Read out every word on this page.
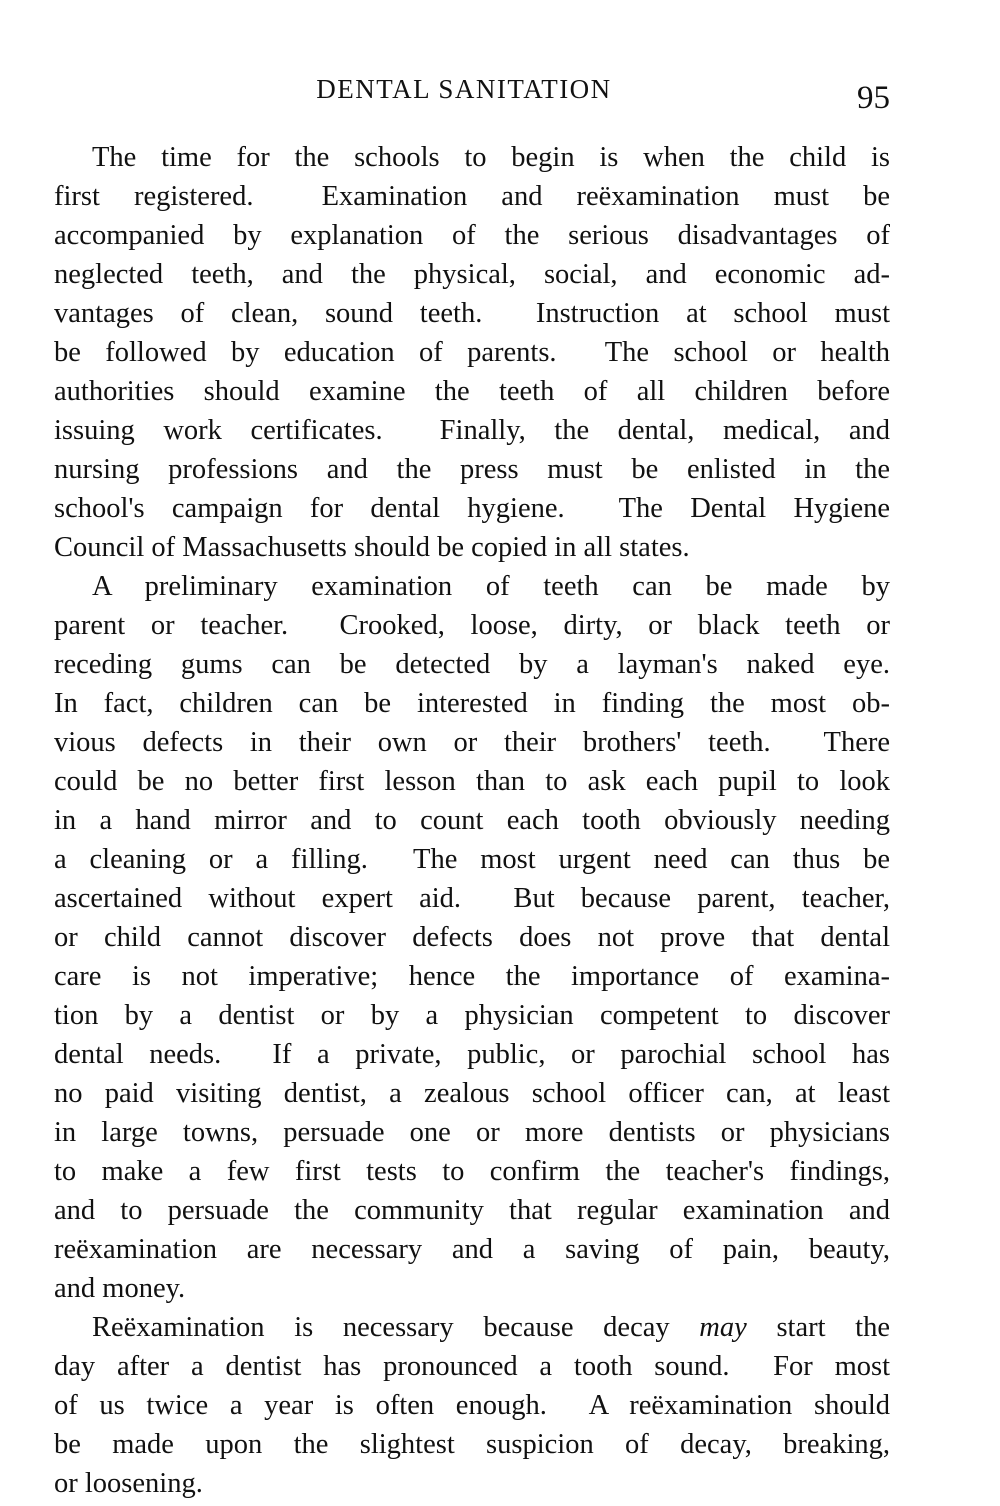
DENTAL SANITATION	95

The time for the schools to begin is when the child is
first registered.  Examination and reëxamination must be
accompanied by explanation of the serious disadvantages of
neglected teeth, and the physical, social, and economic ad-
vantages of clean, sound teeth.  Instruction at school must
be followed by education of parents.  The school or health
authorities should examine the teeth of all children before
issuing work certificates.  Finally, the dental, medical, and
nursing professions and the press must be enlisted in the
school's campaign for dental hygiene.  The Dental Hygiene
Council of Massachusetts should be copied in all states.

A preliminary examination of teeth can be made by
parent or teacher.  Crooked, loose, dirty, or black teeth or
receding gums can be detected by a layman's naked eye.
In fact, children can be interested in finding the most ob-
vious defects in their own or their brothers' teeth.  There
could be no better first lesson than to ask each pupil to look
in a hand mirror and to count each tooth obviously needing
a cleaning or a filling.  The most urgent need can thus be
ascertained without expert aid.  But because parent, teacher,
or child cannot discover defects does not prove that dental
care is not imperative; hence the importance of examina-
tion by a dentist or by a physician competent to discover
dental needs.  If a private, public, or parochial school has
no paid visiting dentist, a zealous school officer can, at least
in large towns, persuade one or more dentists or physicians
to make a few first tests to confirm the teacher's findings,
and to persuade the community that regular examination and
reëxamination are necessary and a saving of pain, beauty,
and money.

Reëxamination is necessary because decay may start the
day after a dentist has pronounced a tooth sound.  For most
of us twice a year is often enough.  A reëxamination should
be made upon the slightest suspicion of decay, breaking,
or loosening.
